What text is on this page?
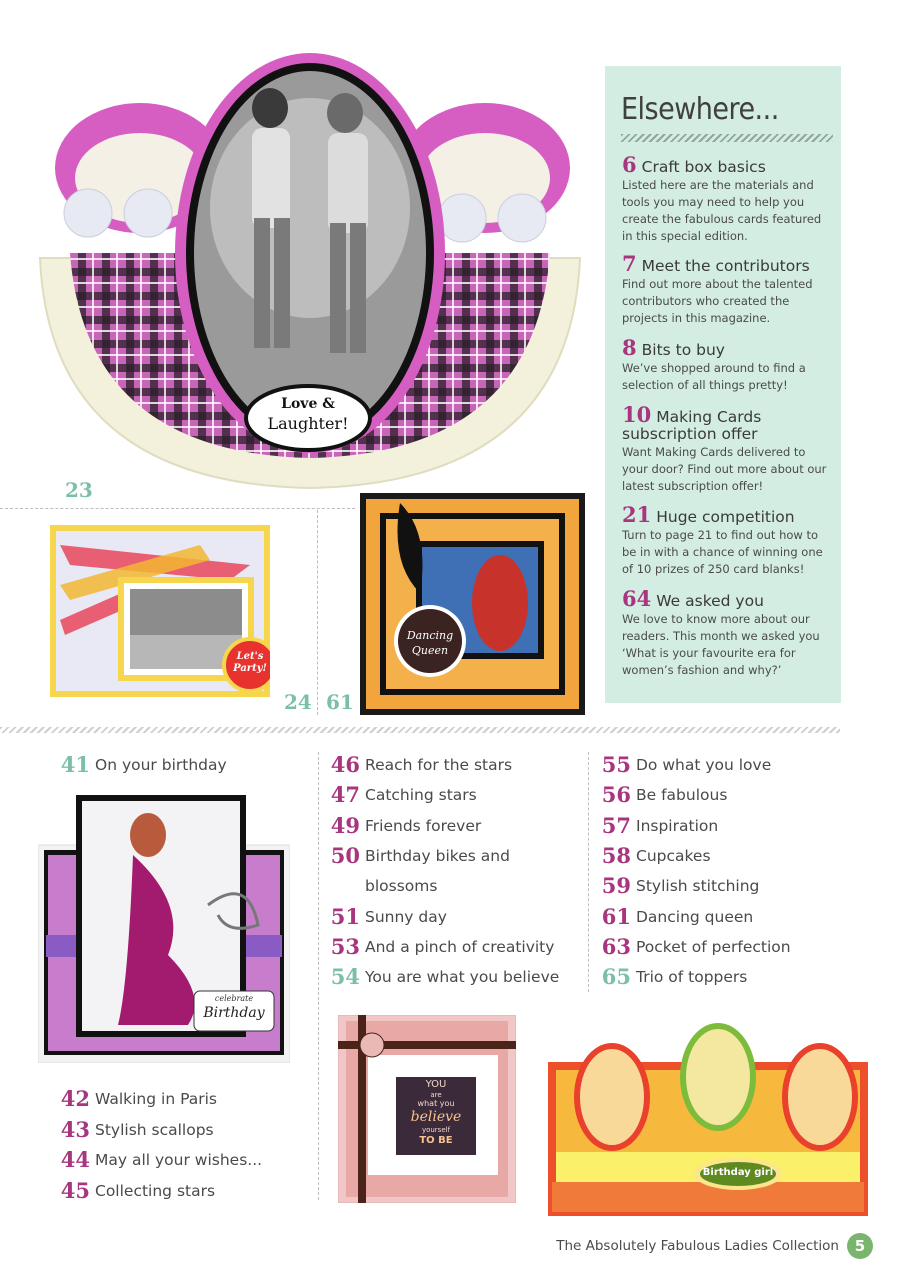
Love &
Laughter!
23
Elsewhere...
6 Craft box basics
Listed here are the materials and tools you may need to help you create the fabulous cards featured in this special edition.
7 Meet the contributors
Find out more about the talented contributors who created the projects in this magazine.
8 Bits to buy
We’ve shopped around to find a selection of all things pretty!
10 Making Cards subscription offer
Want Making Cards delivered to your door? Find out more about our latest subscription offer!
21 Huge competition
Turn to page 21 to find out how to be in with a chance of winning one of 10 prizes of 250 card blanks!
64 We asked you
We love to know more about our readers. This month we asked you ‘What is your favourite era for women’s fashion and why?’
Let's Party!
Dancing
Queen
24 61
41 On your birthday
celebrate
Birthday
42 Walking in Paris
43 Stylish scallops
44 May all your wishes...
45 Collecting stars
46 Reach for the stars
47 Catching stars
49 Friends forever
50 Birthday bikes and
blossoms
51 Sunny day
53 And a pinch of creativity
54 You are what you believe
55 Do what you love
56 Be fabulous
57 Inspiration
58 Cupcakes
59 Stylish stitching
61 Dancing queen
63 Pocket of perfection
65 Trio of toppers
YOU
are
what you
believe
yourself
TO BE
Birthday girl
The Absolutely Fabulous Ladies Collection	5
